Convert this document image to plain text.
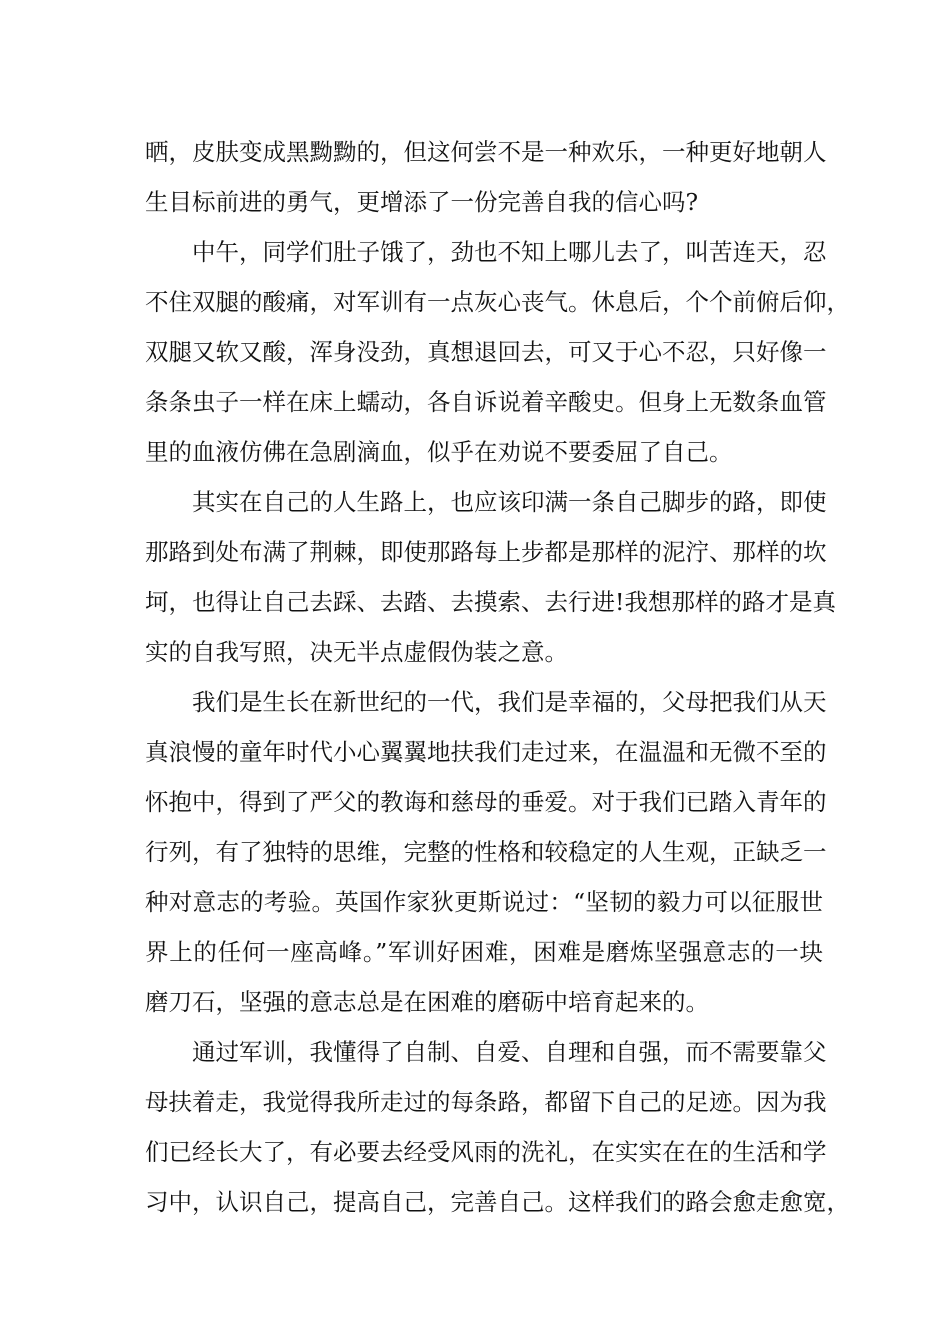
晒，皮肤变成黑黝黝的，但这何尝不是一种欢乐，一种更好地朝人
生目标前进的勇气，更增添了一份完善自我的信心吗?
中午，同学们肚子饿了，劲也不知上哪儿去了，叫苦连天，忍
不住双腿的酸痛，对军训有一点灰心丧气。休息后，个个前俯后仰，
双腿又软又酸，浑身没劲，真想退回去，可又于心不忍，只好像一
条条虫子一样在床上蠕动，各自诉说着辛酸史。但身上无数条血管
里的血液仿佛在急剧滴血，似乎在劝说不要委屈了自己。
其实在自己的人生路上，也应该印满一条自己脚步的路，即使
那路到处布满了荆棘，即使那路每上步都是那样的泥泞、那样的坎
坷，也得让自己去踩、去踏、去摸索、去行进!我想那样的路才是真
实的自我写照，决无半点虚假伪装之意。
我们是生长在新世纪的一代，我们是幸福的，父母把我们从天
真浪慢的童年时代小心翼翼地扶我们走过来，在温温和无微不至的
怀抱中，得到了严父的教诲和慈母的垂爱。对于我们已踏入青年的
行列，有了独特的思维，完整的性格和较稳定的人生观，正缺乏一
种对意志的考验。英国作家狄更斯说过：“坚韧的毅力可以征服世
界上的任何一座高峰。”军训好困难，困难是磨炼坚强意志的一块
磨刀石，坚强的意志总是在困难的磨砺中培育起来的。
通过军训，我懂得了自制、自爱、自理和自强，而不需要靠父
母扶着走，我觉得我所走过的每条路，都留下自己的足迹。因为我
们已经长大了，有必要去经受风雨的洗礼，在实实在在的生活和学
习中，认识自己，提高自己，完善自己。这样我们的路会愈走愈宽，
